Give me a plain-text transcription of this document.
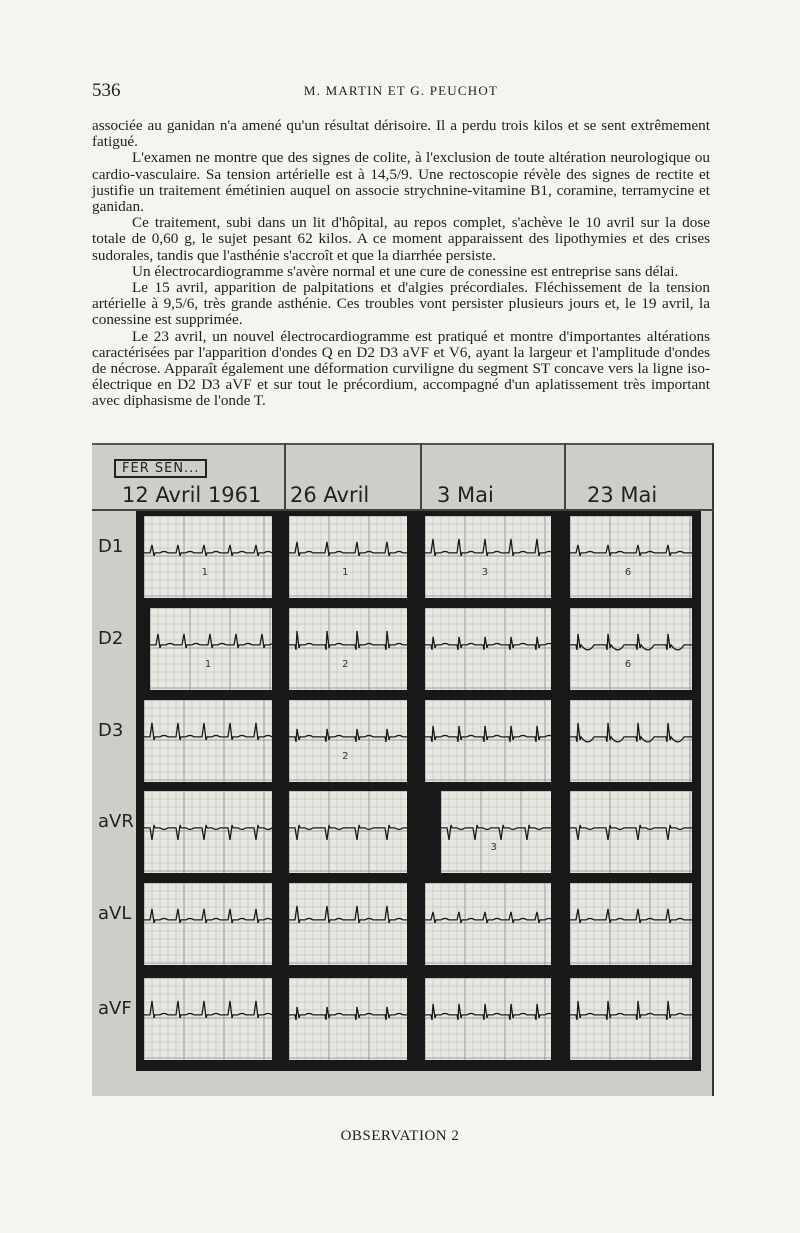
536	M. MARTIN ET G. PEUCHOT

associée au ganidan n'a amené qu'un résultat dérisoire. Il a perdu trois kilos et se sent extrêmement fatigué.

L'examen ne montre que des signes de colite, à l'exclusion de toute altération neurologique ou cardio-vasculaire. Sa tension artérielle est à 14,5/9. Une rectoscopie révèle des signes de rectite et justifie un traitement émétinien auquel on associe strychnine-vitamine B1, coramine, terramycine et ganidan.

Ce traitement, subi dans un lit d'hôpital, au repos complet, s'achève le 10 avril sur la dose totale de 0,60 g, le sujet pesant 62 kilos. A ce moment apparaissent des lipothymies et des crises sudorales, tandis que l'asthénie s'accroît et que la diarrhée persiste.

Un électrocardiogramme s'avère normal et une cure de conessine est entreprise sans délai.

Le 15 avril, apparition de palpitations et d'algies précordiales. Fléchissement de la tension artérielle à 9,5/6, très grande asthénie. Ces troubles vont persister plusieurs jours et, le 19 avril, la conessine est supprimée.

Le 23 avril, un nouvel électrocardiogramme est pratiqué et montre d'importantes altérations caractérisées par l'apparition d'ondes Q en D2 D3 aVF et V6, ayant la largeur et l'amplitude d'ondes de nécrose. Apparaît également une déformation curviligne du segment ST concave vers la ligne iso-électrique en D2 D3 aVF et sur tout le précordium, accompagné d'un aplatissement très important avec diphasisme de l'onde T.

FER SEN...
12 Avril 1961 26 Avril	3 Mai	23 Mai
D1
D2
D3
aVR
aVL
aVF
1	1	3	6
1	2	6
2
3
OBSERVATION 2
